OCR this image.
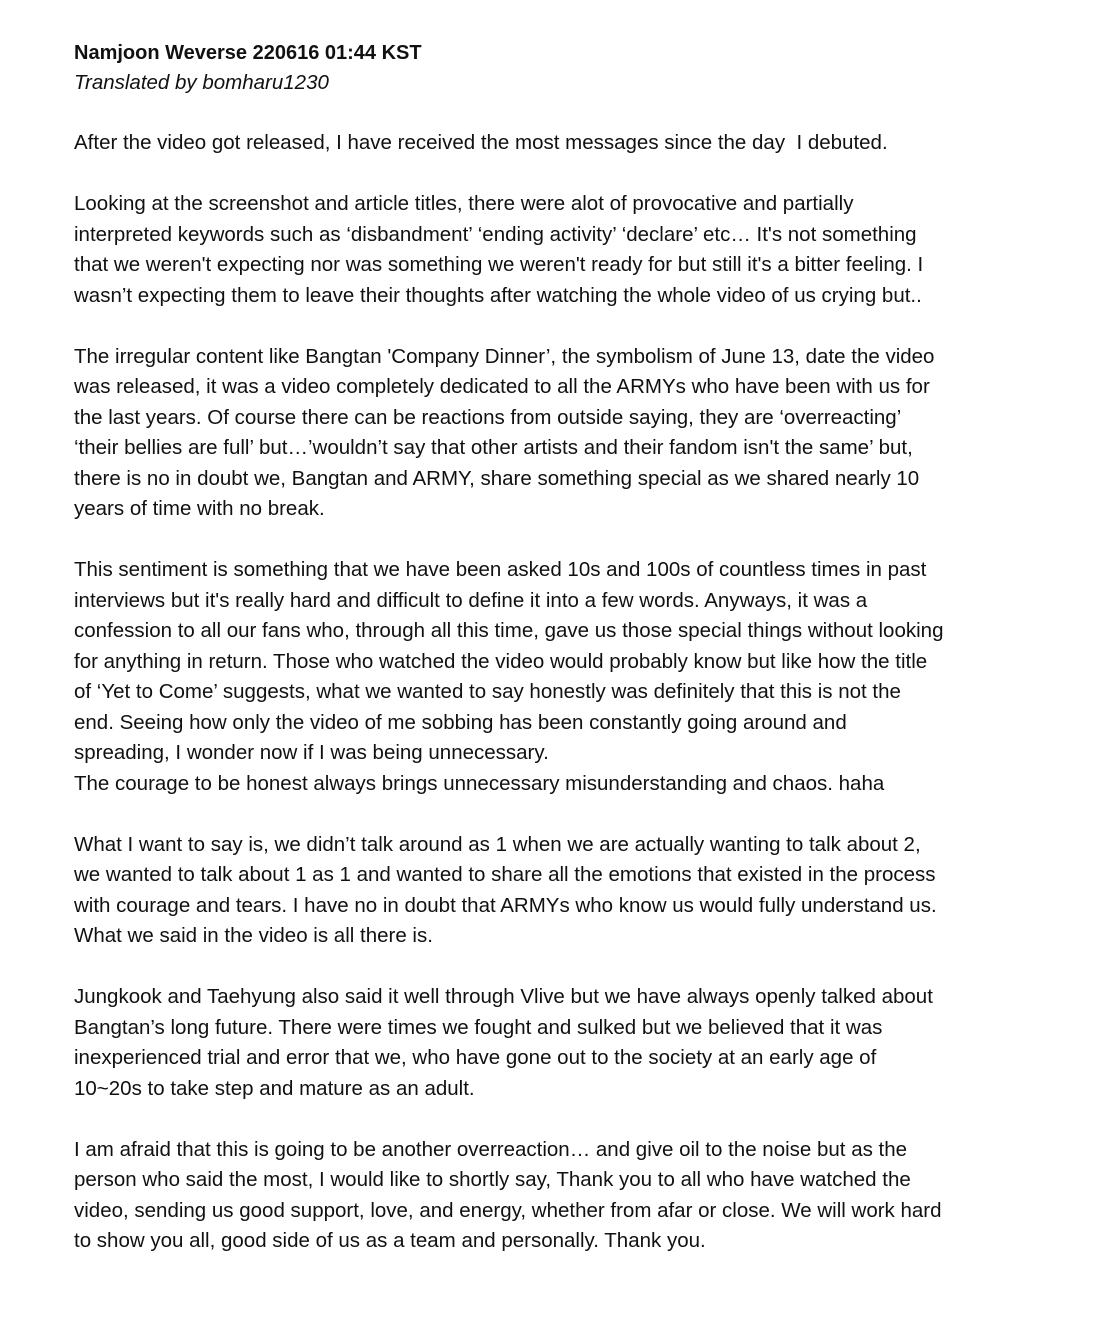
Namjoon Weverse 220616 01:44 KST
Translated by bomharu1230
After the video got released, I have received the most messages since the day  I debuted.
Looking at the screenshot and article titles, there were alot of provocative and partially
interpreted keywords such as ‘disbandment’ ‘ending activity’ ‘declare’ etc… It's not something
that we weren't expecting nor was something we weren't ready for but still it's a bitter feeling. I
wasn’t expecting them to leave their thoughts after watching the whole video of us crying but..
The irregular content like Bangtan 'Company Dinner’, the symbolism of June 13, date the video
was released, it was a video completely dedicated to all the ARMYs who have been with us for
the last years. Of course there can be reactions from outside saying, they are ‘overreacting’
‘their bellies are full’ but…’wouldn’t say that other artists and their fandom isn't the same’ but,
there is no in doubt we, Bangtan and ARMY, share something special as we shared nearly 10
years of time with no break.
This sentiment is something that we have been asked 10s and 100s of countless times in past
interviews but it's really hard and difficult to define it into a few words. Anyways, it was a
confession to all our fans who, through all this time, gave us those special things without looking
for anything in return. Those who watched the video would probably know but like how the title
of ‘Yet to Come’ suggests, what we wanted to say honestly was definitely that this is not the
end. Seeing how only the video of me sobbing has been constantly going around and
spreading, I wonder now if I was being unnecessary.
The courage to be honest always brings unnecessary misunderstanding and chaos. haha
What I want to say is, we didn’t talk around as 1 when we are actually wanting to talk about 2,
we wanted to talk about 1 as 1 and wanted to share all the emotions that existed in the process
with courage and tears. I have no in doubt that ARMYs who know us would fully understand us.
What we said in the video is all there is.
Jungkook and Taehyung also said it well through Vlive but we have always openly talked about
Bangtan’s long future. There were times we fought and sulked but we believed that it was
inexperienced trial and error that we, who have gone out to the society at an early age of
10~20s to take step and mature as an adult.
I am afraid that this is going to be another overreaction… and give oil to the noise but as the
person who said the most, I would like to shortly say, Thank you to all who have watched the
video, sending us good support, love, and energy, whether from afar or close. We will work hard
to show you all, good side of us as a team and personally. Thank you.
